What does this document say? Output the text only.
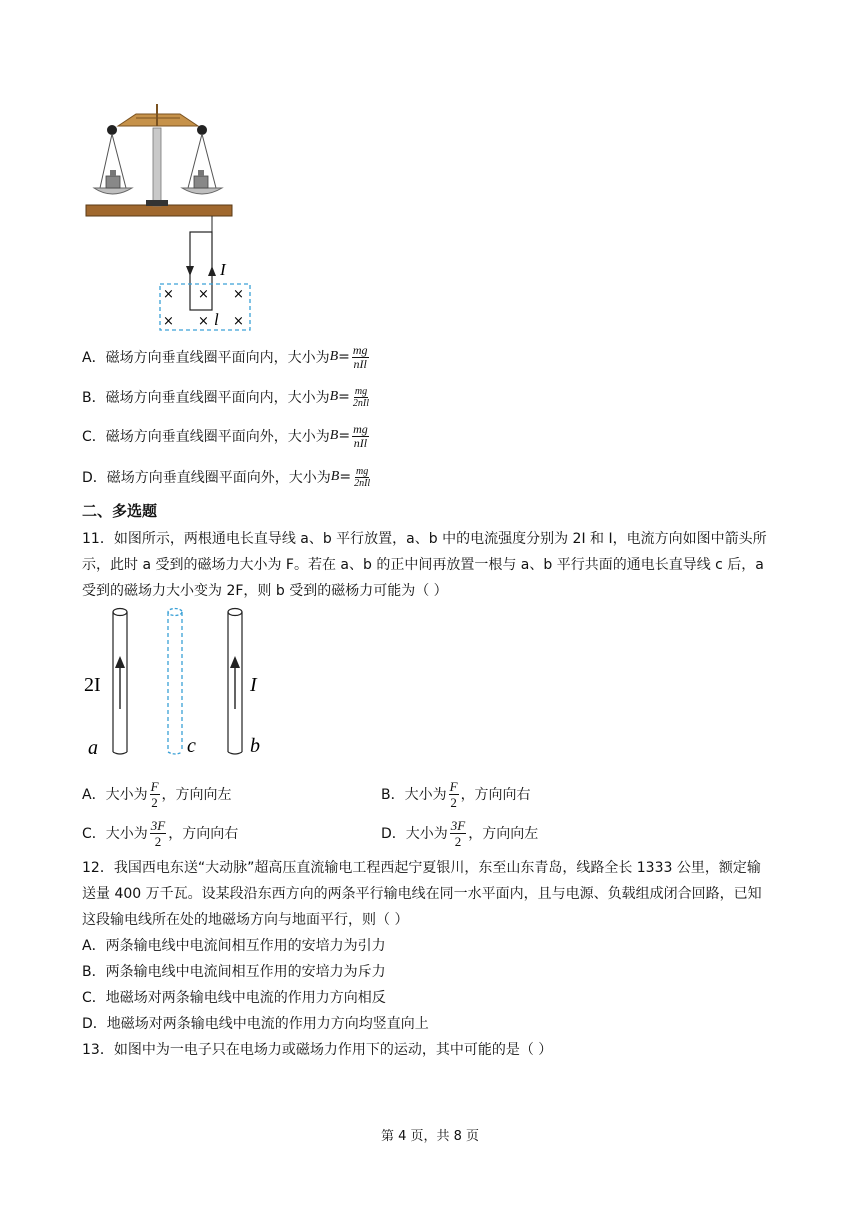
× × ×
× × ×
I
l
A．磁场方向垂直线圈平面向内，大小为 $B = \frac{mg}{\text{nIl}}$
B．磁场方向垂直线圈平面向内，大小为 $B = \frac{mg}{\text{2nIl}}$
C．磁场方向垂直线圈平面向外，大小为 $B = \frac{mg}{\text{nIl}}$
D．磁场方向垂直线圈平面向外，大小为 $B = \frac{mg}{\text{2nIl}}$
二、多选题
11．如图所示，两根通电长直导线 a、b 平行放置，a、b 中的电流强度分别为 2I 和 I，电流方向如图中箭头所
示，此时 a 受到的磁场力大小为 F。若在 a、b 的正中间再放置一根与 a、b 平行共面的通电长直导线 c 后，a
受到的磁场力大小变为 2F，则 b 受到的磁杨力可能为（ ）
2I
a	c
I
b
A．大小为 $\frac{F}{2}$ ，方向向左	B．大小为 $\frac{F}{2}$ ，方向向右
C．大小为 $\frac{3F}{2}$ ，方向向右	D．大小为 $\frac{3F}{2}$ ，方向向左
12．我国西电东送“大动脉”超高压直流输电工程西起宁夏银川，东至山东青岛，线路全长 1333 公里，额定输
送量 400 万千瓦。设某段沿东西方向的两条平行输电线在同一水平面内，且与电源、负载组成闭合回路，已知
这段输电线所在处的地磁场方向与地面平行，则（ ）
A．两条输电线中电流间相互作用的安培力为引力
B．两条输电线中电流间相互作用的安培力为斥力
C．地磁场对两条输电线中电流的作用力方向相反
D．地磁场对两条输电线中电流的作用力方向均竖直向上
13．如图中为一电子只在电场力或磁场力作用下的运动，其中可能的是（ ）
第 4 页，共 8 页
